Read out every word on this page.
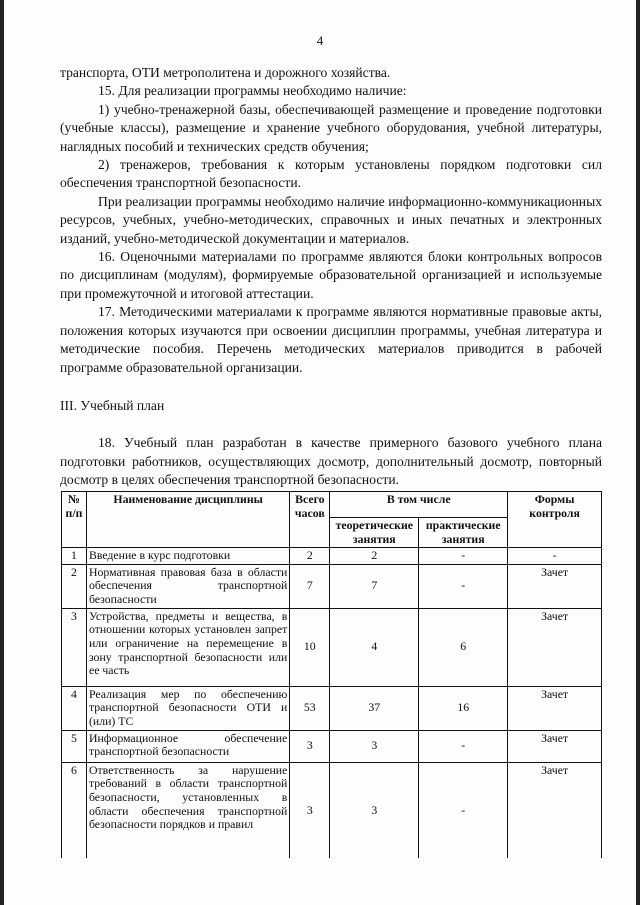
4

транспорта, ОТИ метрополитена и дорожного хозяйства.

15. Для реализации программы необходимо наличие:

1) учебно-тренажерной базы, обеспечивающей размещение и проведение подготовки (учебные классы), размещение и хранение учебного оборудования, учебной литературы, наглядных пособий и технических средств обучения;

2) тренажеров, требования к которым установлены порядком подготовки сил обеспечения транспортной безопасности.

При реализации программы необходимо наличие информационно-коммуникационных ресурсов, учебных, учебно-методических, справочных и иных печатных и электронных изданий, учебно-методической документации и материалов.

16. Оценочными материалами по программе являются блоки контрольных вопросов по дисциплинам (модулям), формируемые образовательной организацией и используемые при промежуточной и итоговой аттестации.

17. Методическими материалами к программе являются нормативные правовые акты, положения которых изучаются при освоении дисциплин программы, учебная литература и методические пособия. Перечень методических материалов приводится в рабочей программе образовательной организации.

III. Учебный план

18. Учебный план разработан в качестве примерного базового учебного плана подготовки работников, осуществляющих досмотр, дополнительный досмотр, повторный досмотр в целях обеспечения транспортной безопасности.

№ п/п	Наименование дисциплины	Всего часов	В том числе		Формы контроля
			теоретические занятия	практические занятия	
1	Введение в курс подготовки	2	2	-	-
2	Нормативная правовая база в области обеспечения транспортной безопасности	7	7	-	Зачет
3	Устройства, предметы и вещества, в отношении которых установлен запрет или ограничение на перемещение в зону транспортной безопасности или ее часть	10	4	6	Зачет
4	Реализация мер по обеспечению транспортной безопасности ОТИ и (или) ТС	53	37	16	Зачет
5	Информационное обеспечение транспортной безопасности	3	3	-	Зачет
6	Ответственность за нарушение требований в области транспортной безопасности, установленных в области обеспечения транспортной безопасности порядков и правил	3	3	-	Зачет
